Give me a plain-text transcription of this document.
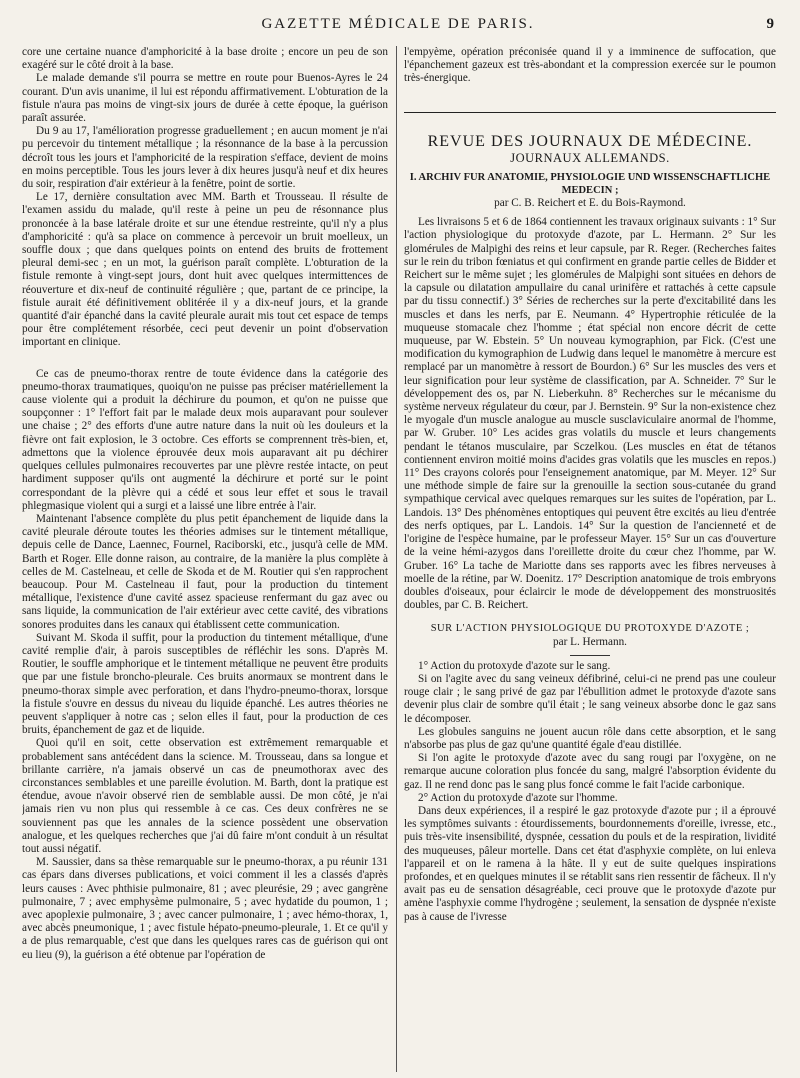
GAZETTE MÉDICALE DE PARIS.	9

core une certaine nuance d'amphoricité à la base droite ; encore un peu de son exagéré sur le côté droit à la base.

Le malade demande s'il pourra se mettre en route pour Buenos-Ayres le 24 courant. D'un avis unanime, il lui est répondu affirmativement. L'obturation de la fistule n'aura pas moins de vingt-six jours de durée à cette époque, la guérison paraît assurée.

Du 9 au 17, l'amélioration progresse graduellement ; en aucun moment je n'ai pu percevoir du tintement métallique ; la résonnance de la base à la percussion décroît tous les jours et l'amphoricité de la respiration s'efface, devient de moins en moins perceptible. Tous les jours lever à dix heures jusqu'à neuf et dix heures du soir, respiration d'air extérieur à la fenêtre, point de sortie.

Le 17, dernière consultation avec MM. Barth et Trousseau. Il résulte de l'examen assidu du malade, qu'il reste à peine un peu de résonnance plus prononcée à la base latérale droite et sur une étendue restreinte, qu'il n'y a plus d'amphoricité : qu'à sa place on commence à percevoir un bruit moelleux, un souffle doux ; que dans quelques points on entend des bruits de frottement pleural demi-sec ; en un mot, la guérison paraît complète. L'obturation de la fistule remonte à vingt-sept jours, dont huit avec quelques intermittences de réouverture et dix-neuf de continuité régulière ; que, partant de ce principe, la fistule aurait été définitivement oblitérée il y a dix-neuf jours, et la grande quantité d'air épanché dans la cavité pleurale aurait mis tout cet espace de temps pour être complétement résorbée, ceci peut devenir un point d'observation important en clinique.

Ce cas de pneumo-thorax rentre de toute évidence dans la catégorie des pneumo-thorax traumatiques, quoiqu'on ne puisse pas préciser matériellement la cause violente qui a produit la déchirure du poumon, et qu'on ne puisse que soupçonner : 1° l'effort fait par le malade deux mois auparavant pour soulever une chaise ; 2° des efforts d'une autre nature dans la nuit où les douleurs et la fièvre ont fait explosion, le 3 octobre. Ces efforts se comprennent très-bien, et, admettons que la violence éprouvée deux mois auparavant ait pu déchirer quelques cellules pulmonaires recouvertes par une plèvre restée intacte, on peut hardiment supposer qu'ils ont augmenté la déchirure et porté sur le point correspondant de la plèvre qui a cédé et sous leur effet et sous le travail phlegmasique violent qui a surgi et a laissé une libre entrée à l'air.

Maintenant l'absence complète du plus petit épanchement de liquide dans la cavité pleurale déroute toutes les théories admises sur le tintement métallique, depuis celle de Dance, Laennec, Fournel, Raciborski, etc., jusqu'à celle de MM. Barth et Roger. Elle donne raison, au contraire, de la manière la plus complète à celles de M. Castelneau, et celle de Skoda et de M. Routier qui s'en rapprochent beaucoup. Pour M. Castelneau il faut, pour la production du tintement métallique, l'existence d'une cavité assez spacieuse renfermant du gaz avec ou sans liquide, la communication de l'air extérieur avec cette cavité, des vibrations sonores produites dans les canaux qui établissent cette communication.

Suivant M. Skoda il suffit, pour la production du tintement métallique, d'une cavité remplie d'air, à parois susceptibles de réfléchir les sons. D'après M. Routier, le souffle amphorique et le tintement métallique ne peuvent être produits que par une fistule broncho-pleurale. Ces bruits anormaux se montrent dans le pneumo-thorax simple avec perforation, et dans l'hydro-pneumo-thorax, lorsque la fistule s'ouvre en dessus du niveau du liquide épanché. Les autres théories ne peuvent s'appliquer à notre cas ; selon elles il faut, pour la production de ces bruits, épanchement de gaz et de liquide.

Quoi qu'il en soit, cette observation est extrêmement remarquable et probablement sans antécédent dans la science. M. Trousseau, dans sa longue et brillante carrière, n'a jamais observé un cas de pneumothorax avec des circonstances semblables et une pareille évolution. M. Barth, dont la pratique est étendue, avoue n'avoir observé rien de semblable aussi. De mon côté, je n'ai jamais rien vu non plus qui ressemble à ce cas. Ces deux confrères ne se souviennent pas que les annales de la science possèdent une observation analogue, et les quelques recherches que j'ai dû faire m'ont conduit à un résultat tout aussi négatif.

M. Saussier, dans sa thèse remarquable sur le pneumo-thorax, a pu réunir 131 cas épars dans diverses publications, et voici comment il les a classés d'après leurs causes : Avec phthisie pulmonaire, 81 ; avec pleurésie, 29 ; avec gangrène pulmonaire, 7 ; avec emphysème pulmonaire, 5 ; avec hydatide du poumon, 1 ; avec apoplexie pulmonaire, 3 ; avec cancer pulmonaire, 1 ; avec hémo-thorax, 1, avec abcès pneumonique, 1 ; avec fistule hépato-pneumo-pleurale, 1. Et ce qu'il y a de plus remarquable, c'est que dans les quelques rares cas de guérison qui ont eu lieu (9), la guérison a été obtenue par l'opération de

l'empyème, opération préconisée quand il y a imminence de suffocation, que l'épanchement gazeux est très-abondant et la compression exercée sur le poumon très-énergique.

REVUE DES JOURNAUX DE MÉDECINE.
JOURNAUX ALLEMANDS.
I. ARCHIV FUR ANATOMIE, PHYSIOLOGIE UND WISSENSCHAFTLICHE MEDECIN ;
par C. B. Reichert et E. du Bois-Raymond.

Les livraisons 5 et 6 de 1864 contiennent les travaux originaux suivants : 1° Sur l'action physiologique du protoxyde d'azote, par L. Hermann. 2° Sur les glomérules de Malpighi des reins et leur capsule, par R. Reger. (Recherches faites sur le rein du tribon fœniatus et qui confirment en grande partie celles de Bidder et Reichert sur le même sujet ; les glomérules de Malpighi sont situées en dehors de la capsule ou dilatation ampullaire du canal urinifère et rattachés à cette capsule par du tissu connectif.) 3° Séries de recherches sur la perte d'excitabilité dans les muscles et dans les nerfs, par E. Neumann. 4° Hypertrophie réticulée de la muqueuse stomacale chez l'homme ; état spécial non encore décrit de cette muqueuse, par W. Ebstein. 5° Un nouveau kymographion, par Fick. (C'est une modification du kymographion de Ludwig dans lequel le manomètre à mercure est remplacé par un manomètre à ressort de Bourdon.) 6° Sur les muscles des vers et leur signification pour leur système de classification, par A. Schneider. 7° Sur le développement des os, par N. Lieberkuhn. 8° Recherches sur le mécanisme du système nerveux régulateur du cœur, par J. Bernstein. 9° Sur la non-existence chez le myogale d'un muscle analogue au muscle susclaviculaire anormal de l'homme, par W. Gruber. 10° Les acides gras volatils du muscle et leurs changements pendant le tétanos musculaire, par Sczelkou. (Les muscles en état de tétanos contiennent environ moitié moins d'acides gras volatils que les muscles en repos.) 11° Des crayons colorés pour l'enseignement anatomique, par M. Meyer. 12° Sur une méthode simple de faire sur la grenouille la section sous-cutanée du grand sympathique cervical avec quelques remarques sur les suites de l'opération, par L. Landois. 13° Des phénomènes entoptiques qui peuvent être excités au lieu d'entrée des nerfs optiques, par L. Landois. 14° Sur la question de l'ancienneté et de l'origine de l'espèce humaine, par le professeur Mayer. 15° Sur un cas d'ouverture de la veine hémi-azygos dans l'oreillette droite du cœur chez l'homme, par W. Gruber. 16° La tache de Mariotte dans ses rapports avec les fibres nerveuses à moelle de la rétine, par W. Doenitz. 17° Description anatomique de trois embryons doubles d'oiseaux, pour éclaircir le mode de développement des monstruosités doubles, par C. B. Reichert.

SUR L'ACTION PHYSIOLOGIQUE DU PROTOXYDE D'AZOTE ;
par L. Hermann.

1° Action du protoxyde d'azote sur le sang.

Si on l'agite avec du sang veineux défibriné, celui-ci ne prend pas une couleur rouge clair ; le sang privé de gaz par l'ébullition admet le protoxyde d'azote sans devenir plus clair de sombre qu'il était ; le sang veineux absorbe donc le gaz sans le décomposer.

Les globules sanguins ne jouent aucun rôle dans cette absorption, et le sang n'absorbe pas plus de gaz qu'une quantité égale d'eau distillée.

Si l'on agite le protoxyde d'azote avec du sang rougi par l'oxygène, on ne remarque aucune coloration plus foncée du sang, malgré l'absorption évidente du gaz. Il ne rend donc pas le sang plus foncé comme le fait l'acide carbonique.

2° Action du protoxyde d'azote sur l'homme.

Dans deux expériences, il a respiré le gaz protoxyde d'azote pur ; il a éprouvé les symptômes suivants : étourdissements, bourdonnements d'oreille, ivresse, etc., puis très-vite insensibilité, dyspnée, cessation du pouls et de la respiration, lividité des muqueuses, pâleur mortelle. Dans cet état d'asphyxie complète, on lui enleva l'appareil et on le ramena à la hâte. Il y eut de suite quelques inspirations profondes, et en quelques minutes il se rétablit sans rien ressentir de fâcheux. Il n'y avait pas eu de sensation désagréable, ceci prouve que le protoxyde d'azote pur amène l'asphyxie comme l'hydrogène ; seulement, la sensation de dyspnée n'existe pas à cause de l'ivresse
